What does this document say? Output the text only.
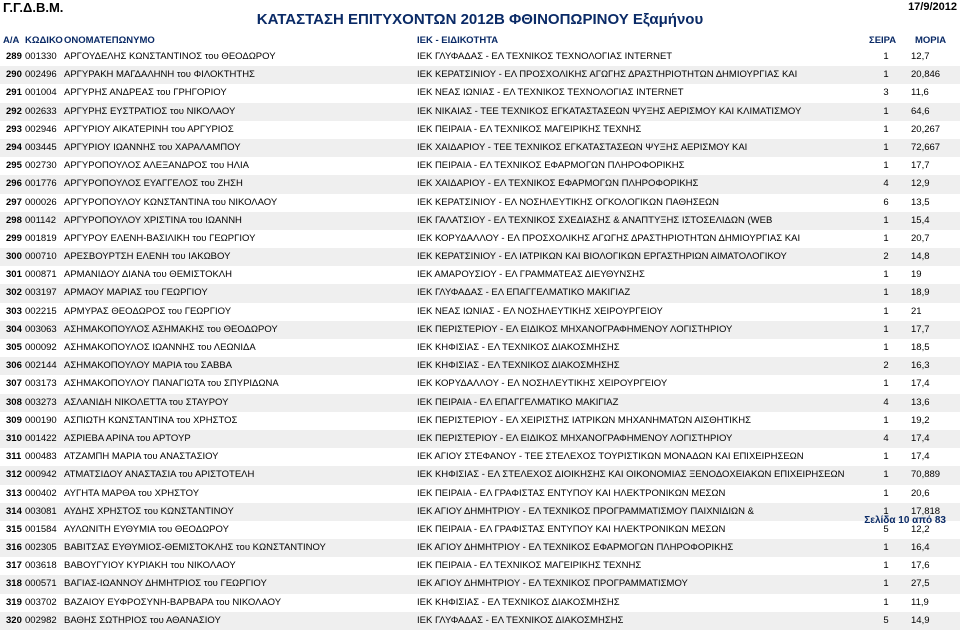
Γ.Γ.Δ.Β.Μ.
ΚΑΤΑΣΤΑΣΗ ΕΠΙΤΥΧΟΝΤΩΝ 2012Β ΦΘΙΝΟΠΩΡΙΝΟΥ Εξαμήνου
17/9/2012
Α/Α ΚΩΔΙΚΟ ΟΝΟΜΑΤΕΠΩΝΥΜΟ	ΙΕΚ - ΕΙΔΙΚΟΤΗΤΑ	ΣΕΙΡΑ ΜΟΡΙΑ
289 001330 ΑΡΓΟΥΔΕΛΗΣ ΚΩΝΣΤΑΝΤΙΝΟΣ του ΘΕΟΔΩΡΟΥ	ΙΕΚ ΓΛΥΦΑΔΑΣ - ΕΛ ΤΕΧΝΙΚΟΣ ΤΕΧΝΟΛΟΓΙΑΣ INTERNET	1	12,7
290 002496 ΑΡΓΥΡΑΚΗ ΜΑΓΔΑΛΗΝΗ του ΦΙΛΟΚΤΗΤΗΣ	ΙΕΚ ΚΕΡΑΤΣΙΝΙΟΥ - ΕΛ ΠΡΟΣΧΟΛΙΚΗΣ ΑΓΩΓΗΣ ΔΡΑΣΤΗΡΙΟΤΗΤΩΝ ΔΗΜΙΟΥΡΓΙΑΣ ΚΑΙ	1	20,846
291 001004 ΑΡΓΥΡΗΣ ΑΝΔΡΕΑΣ του ΓΡΗΓΟΡΙΟΥ	ΙΕΚ ΝΕΑΣ ΙΩΝΙΑΣ - ΕΛ ΤΕΧΝΙΚΟΣ ΤΕΧΝΟΛΟΓΙΑΣ INTERNET	3	11,6
292 002633 ΑΡΓΥΡΗΣ ΕΥΣΤΡΑΤΙΟΣ του ΝΙΚΟΛΑΟΥ	ΙΕΚ ΝΙΚΑΙΑΣ - ΤΕΕ ΤΕΧΝΙΚΟΣ ΕΓΚΑΤΑΣΤΑΣΕΩΝ ΨΥΞΗΣ ΑΕΡΙΣΜΟΥ ΚΑΙ ΚΛΙΜΑΤΙΣΜΟΥ	1	64,6
293 002946 ΑΡΓΥΡΙΟΥ ΑΙΚΑΤΕΡΙΝΗ του ΑΡΓΥΡΙΟΣ	ΙΕΚ ΠΕΙΡΑΙΑ - ΕΛ ΤΕΧΝΙΚΟΣ ΜΑΓΕΙΡΙΚΗΣ ΤΕΧΝΗΣ	1	20,267
294 003445 ΑΡΓΥΡΙΟΥ ΙΩΑΝΝΗΣ του ΧΑΡΑΛΑΜΠΟΥ	ΙΕΚ ΧΑΙΔΑΡΙΟΥ - ΤΕΕ ΤΕΧΝΙΚΟΣ ΕΓΚΑΤΑΣΤΑΣΕΩΝ ΨΥΞΗΣ ΑΕΡΙΣΜΟΥ ΚΑΙ	1	72,667
295 002730 ΑΡΓΥΡΟΠΟΥΛΟΣ ΑΛΕΞΑΝΔΡΟΣ του ΗΛΙΑ	ΙΕΚ ΠΕΙΡΑΙΑ - ΕΛ ΤΕΧΝΙΚΟΣ ΕΦΑΡΜΟΓΩΝ ΠΛΗΡΟΦΟΡΙΚΗΣ	1	17,7
296 001776 ΑΡΓΥΡΟΠΟΥΛΟΣ ΕΥΑΓΓΕΛΟΣ του ΖΗΣΗ	ΙΕΚ ΧΑΙΔΑΡΙΟΥ - ΕΛ ΤΕΧΝΙΚΟΣ ΕΦΑΡΜΟΓΩΝ ΠΛΗΡΟΦΟΡΙΚΗΣ	4	12,9
297 000026 ΑΡΓΥΡΟΠΟΥΛΟΥ ΚΩΝΣΤΑΝΤΙΝΑ του ΝΙΚΟΛΑΟΥ	ΙΕΚ ΚΕΡΑΤΣΙΝΙΟΥ - ΕΛ ΝΟΣΗΛΕΥΤΙΚΗΣ ΟΓΚΟΛΟΓΙΚΩΝ ΠΑΘΗΣΕΩΝ	6	13,5
298 001142 ΑΡΓΥΡΟΠΟΥΛΟΥ ΧΡΙΣΤΙΝΑ του ΙΩΑΝΝΗ	ΙΕΚ ΓΑΛΑΤΣΙΟΥ - ΕΛ ΤΕΧΝΙΚΟΣ ΣΧΕΔΙΑΣΗΣ & ΑΝΑΠΤΥΞΗΣ ΙΣΤΟΣΕΛΙΔΩΝ (WEB	1	15,4
299 001819 ΑΡΓΥΡΟΥ ΕΛΕΝΗ-ΒΑΣΙΛΙΚΗ του ΓΕΩΡΓΙΟΥ	ΙΕΚ ΚΟΡΥΔΑΛΛΟΥ - ΕΛ ΠΡΟΣΧΟΛΙΚΗΣ ΑΓΩΓΗΣ ΔΡΑΣΤΗΡΙΟΤΗΤΩΝ ΔΗΜΙΟΥΡΓΙΑΣ ΚΑΙ	1	20,7
300 000710 ΑΡΕΣΒΟΥΡΤΣΗ ΕΛΕΝΗ του ΙΑΚΩΒΟΥ	ΙΕΚ ΚΕΡΑΤΣΙΝΙΟΥ - ΕΛ ΙΑΤΡΙΚΩΝ ΚΑΙ ΒΙΟΛΟΓΙΚΩΝ ΕΡΓΑΣΤΗΡΙΩΝ ΑΙΜΑΤΟΛΟΓΙΚΟΥ	2	14,8
301 000871 ΑΡΜΑΝΙΔΟΥ ΔΙΑΝΑ του ΘΕΜΙΣΤΟΚΛΗ	ΙΕΚ ΑΜΑΡΟΥΣΙΟΥ - ΕΛ ΓΡΑΜΜΑΤΕΑΣ ΔΙΕΥΘΥΝΣΗΣ	1	19
302 003197 ΑΡΜΑΟΥ ΜΑΡΙΑΣ του ΓΕΩΡΓΙΟΥ	ΙΕΚ ΓΛΥΦΑΔΑΣ - ΕΛ ΕΠΑΓΓΕΛΜΑΤΙΚΟ ΜΑΚΙΓΙΑΖ	1	18,9
303 002215 ΑΡΜΥΡΑΣ ΘΕΟΔΩΡΟΣ του ΓΕΩΡΓΙΟΥ	ΙΕΚ ΝΕΑΣ ΙΩΝΙΑΣ - ΕΛ ΝΟΣΗΛΕΥΤΙΚΗΣ ΧΕΙΡΟΥΡΓΕΙΟΥ	1	21
304 003063 ΑΣΗΜΑΚΟΠΟΥΛΟΣ ΑΣΗΜΑΚΗΣ του ΘΕΟΔΩΡΟΥ	ΙΕΚ ΠΕΡΙΣΤΕΡΙΟΥ - ΕΛ ΕΙΔΙΚΟΣ ΜΗΧΑΝΟΓΡΑΦΗΜΕΝΟΥ ΛΟΓΙΣΤΗΡΙΟΥ	1	17,7
305 000092 ΑΣΗΜΑΚΟΠΟΥΛΟΣ ΙΩΑΝΝΗΣ του ΛΕΩΝΙΔΑ	ΙΕΚ ΚΗΦΙΣΙΑΣ - ΕΛ ΤΕΧΝΙΚΟΣ ΔΙΑΚΟΣΜΗΣΗΣ	1	18,5
306 002144 ΑΣΗΜΑΚΟΠΟΥΛΟΥ ΜΑΡΙΑ του ΣΑΒΒΑ	ΙΕΚ ΚΗΦΙΣΙΑΣ - ΕΛ ΤΕΧΝΙΚΟΣ ΔΙΑΚΟΣΜΗΣΗΣ	2	16,3
307 003173 ΑΣΗΜΑΚΟΠΟΥΛΟΥ ΠΑΝΑΓΙΩΤΑ του ΣΠΥΡΙΔΩΝΑ	ΙΕΚ ΚΟΡΥΔΑΛΛΟΥ - ΕΛ ΝΟΣΗΛΕΥΤΙΚΗΣ ΧΕΙΡΟΥΡΓΕΙΟΥ	1	17,4
308 003273 ΑΣΛΑΝΙΔΗ ΝΙΚΟΛΕΤΤΑ του ΣΤΑΥΡΟΥ	ΙΕΚ ΠΕΙΡΑΙΑ - ΕΛ ΕΠΑΓΓΕΛΜΑΤΙΚΟ ΜΑΚΙΓΙΑΖ	4	13,6
309 000190 ΑΣΠΙΩΤΗ ΚΩΝΣΤΑΝΤΙΝΑ του ΧΡΗΣΤΟΣ	ΙΕΚ ΠΕΡΙΣΤΕΡΙΟΥ - ΕΛ ΧΕΙΡΙΣΤΗΣ ΙΑΤΡΙΚΩΝ ΜΗΧΑΝΗΜΑΤΩΝ ΑΙΣΘΗΤΙΚΗΣ	1	19,2
310 001422 ΑΣΡΙΕΒΑ ΑΡΙΝΑ του ΑΡΤΟΥΡ	ΙΕΚ ΠΕΡΙΣΤΕΡΙΟΥ - ΕΛ ΕΙΔΙΚΟΣ ΜΗΧΑΝΟΓΡΑΦΗΜΕΝΟΥ ΛΟΓΙΣΤΗΡΙΟΥ	4	17,4
311 000483 ΑΤΖΑΜΠΗ ΜΑΡΙΑ του ΑΝΑΣΤΑΣΙΟΥ	ΙΕΚ ΑΓΙΟΥ ΣΤΕΦΑΝΟΥ - ΤΕΕ ΣΤΕΛΕΧΟΣ ΤΟΥΡΙΣΤΙΚΩΝ ΜΟΝΑΔΩΝ ΚΑΙ ΕΠΙΧΕΙΡΗΣΕΩΝ	1	17,4
312 000942 ΑΤΜΑΤΣΙΔΟΥ ΑΝΑΣΤΑΣΙΑ του ΑΡΙΣΤΟΤΕΛΗ	ΙΕΚ ΚΗΦΙΣΙΑΣ - ΕΛ ΣΤΕΛΕΧΟΣ ΔΙΟΙΚΗΣΗΣ ΚΑΙ ΟΙΚΟΝΟΜΙΑΣ ΞΕΝΟΔΟΧΕΙΑΚΩΝ ΕΠΙΧΕΙΡΗΣΕΩΝ	1	70,889
313 000402 ΑΥΓΗΤΑ ΜΑΡΘΑ του ΧΡΗΣΤΟΥ	ΙΕΚ ΠΕΙΡΑΙΑ - ΕΛ ΓΡΑΦΙΣΤΑΣ ΕΝΤΥΠΟΥ ΚΑΙ ΗΛΕΚΤΡΟΝΙΚΩΝ ΜΕΣΩΝ	1	20,6
314 003081 ΑΥΔΗΣ ΧΡΗΣΤΟΣ του ΚΩΝΣΤΑΝΤΙΝΟΥ	ΙΕΚ ΑΓΙΟΥ ΔΗΜΗΤΡΙΟΥ - ΕΛ ΤΕΧΝΙΚΟΣ ΠΡΟΓΡΑΜΜΑΤΙΣΜΟΥ ΠΑΙΧΝΙΔΙΩΝ &	1	17,818
315 001584 ΑΥΛΩΝΙΤΗ ΕΥΘΥΜΙΑ του ΘΕΟΔΩΡΟΥ	ΙΕΚ ΠΕΙΡΑΙΑ - ΕΛ ΓΡΑΦΙΣΤΑΣ ΕΝΤΥΠΟΥ ΚΑΙ ΗΛΕΚΤΡΟΝΙΚΩΝ ΜΕΣΩΝ	5	12,2
316 002305 ΒΑΒΙΤΣΑΣ ΕΥΘΥΜΙΟΣ-ΘΕΜΙΣΤΟΚΛΗΣ του ΚΩΝΣΤΑΝΤΙΝΟΥ	ΙΕΚ ΑΓΙΟΥ ΔΗΜΗΤΡΙΟΥ - ΕΛ ΤΕΧΝΙΚΟΣ ΕΦΑΡΜΟΓΩΝ ΠΛΗΡΟΦΟΡΙΚΗΣ	1	16,4
317 003618 ΒΑΒΟΥΓΥΙΟΥ ΚΥΡΙΑΚΗ του ΝΙΚΟΛΑΟΥ	ΙΕΚ ΠΕΙΡΑΙΑ - ΕΛ ΤΕΧΝΙΚΟΣ ΜΑΓΕΙΡΙΚΗΣ ΤΕΧΝΗΣ	1	17,6
318 000571 ΒΑΓΙΑΣ-ΙΩΑΝΝΟΥ ΔΗΜΗΤΡΙΟΣ του ΓΕΩΡΓΙΟΥ	ΙΕΚ ΑΓΙΟΥ ΔΗΜΗΤΡΙΟΥ - ΕΛ ΤΕΧΝΙΚΟΣ ΠΡΟΓΡΑΜΜΑΤΙΣΜΟΥ	1	27,5
319 003702 ΒΑΖΑΙΟΥ ΕΥΦΡΟΣΥΝΗ-ΒΑΡΒΑΡΑ του ΝΙΚΟΛΑΟΥ	ΙΕΚ ΚΗΦΙΣΙΑΣ - ΕΛ ΤΕΧΝΙΚΟΣ ΔΙΑΚΟΣΜΗΣΗΣ	1	11,9
320 002982 ΒΑΘΗΣ ΣΩΤΗΡΙΟΣ του ΑΘΑΝΑΣΙΟΥ	ΙΕΚ ΓΛΥΦΑΔΑΣ - ΕΛ ΤΕΧΝΙΚΟΣ ΔΙΑΚΟΣΜΗΣΗΣ	5	14,9
Σελίδα 10 από 83
